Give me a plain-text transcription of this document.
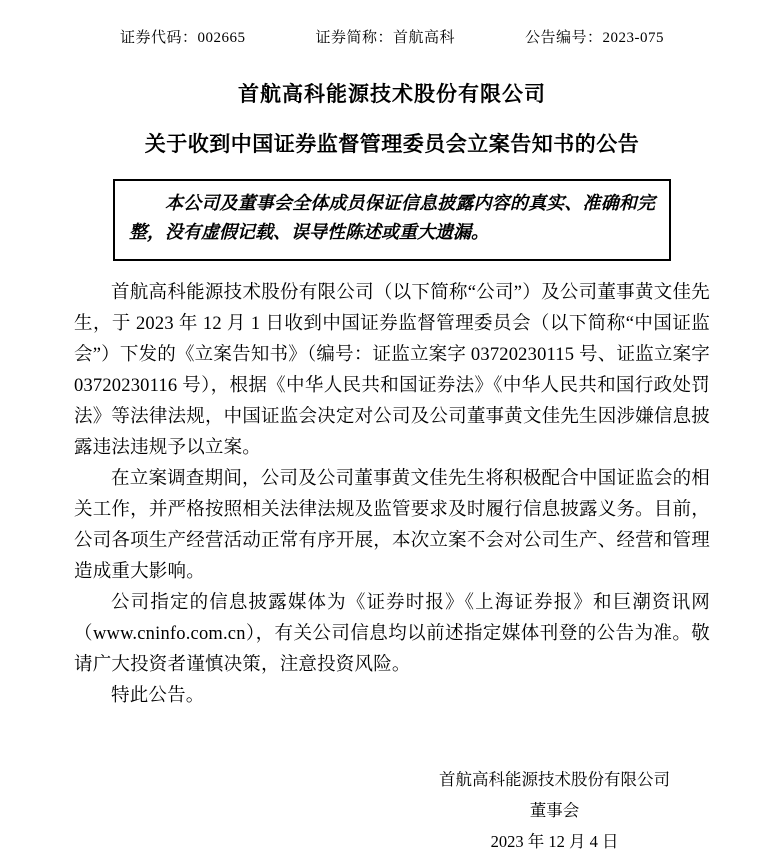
证券代码：002665	证券简称：首航高科	公告编号：2023-075
首航高科能源技术股份有限公司
关于收到中国证券监督管理委员会立案告知书的公告
本公司及董事会全体成员保证信息披露内容的真实、准确和完整，没有虚假记载、误导性陈述或重大遗漏。

首航高科能源技术股份有限公司（以下简称“公司”）及公司董事黄文佳先生，于 2023 年 12 月 1 日收到中国证券监督管理委员会（以下简称“中国证监会”）下发的《立案告知书》（编号：证监立案字 03720230115 号、证监立案字 03720230116 号），根据《中华人民共和国证券法》《中华人民共和国行政处罚法》等法律法规，中国证监会决定对公司及公司董事黄文佳先生因涉嫌信息披露违法违规予以立案。

在立案调查期间，公司及公司董事黄文佳先生将积极配合中国证监会的相关工作，并严格按照相关法律法规及监管要求及时履行信息披露义务。目前，公司各项生产经营活动正常有序开展，本次立案不会对公司生产、经营和管理造成重大影响。

公司指定的信息披露媒体为《证券时报》《上海证券报》和巨潮资讯网（www.cninfo.com.cn），有关公司信息均以前述指定媒体刊登的公告为准。敬请广大投资者谨慎决策，注意投资风险。

特此公告。

首航高科能源技术股份有限公司
董事会
2023 年 12 月 4 日
